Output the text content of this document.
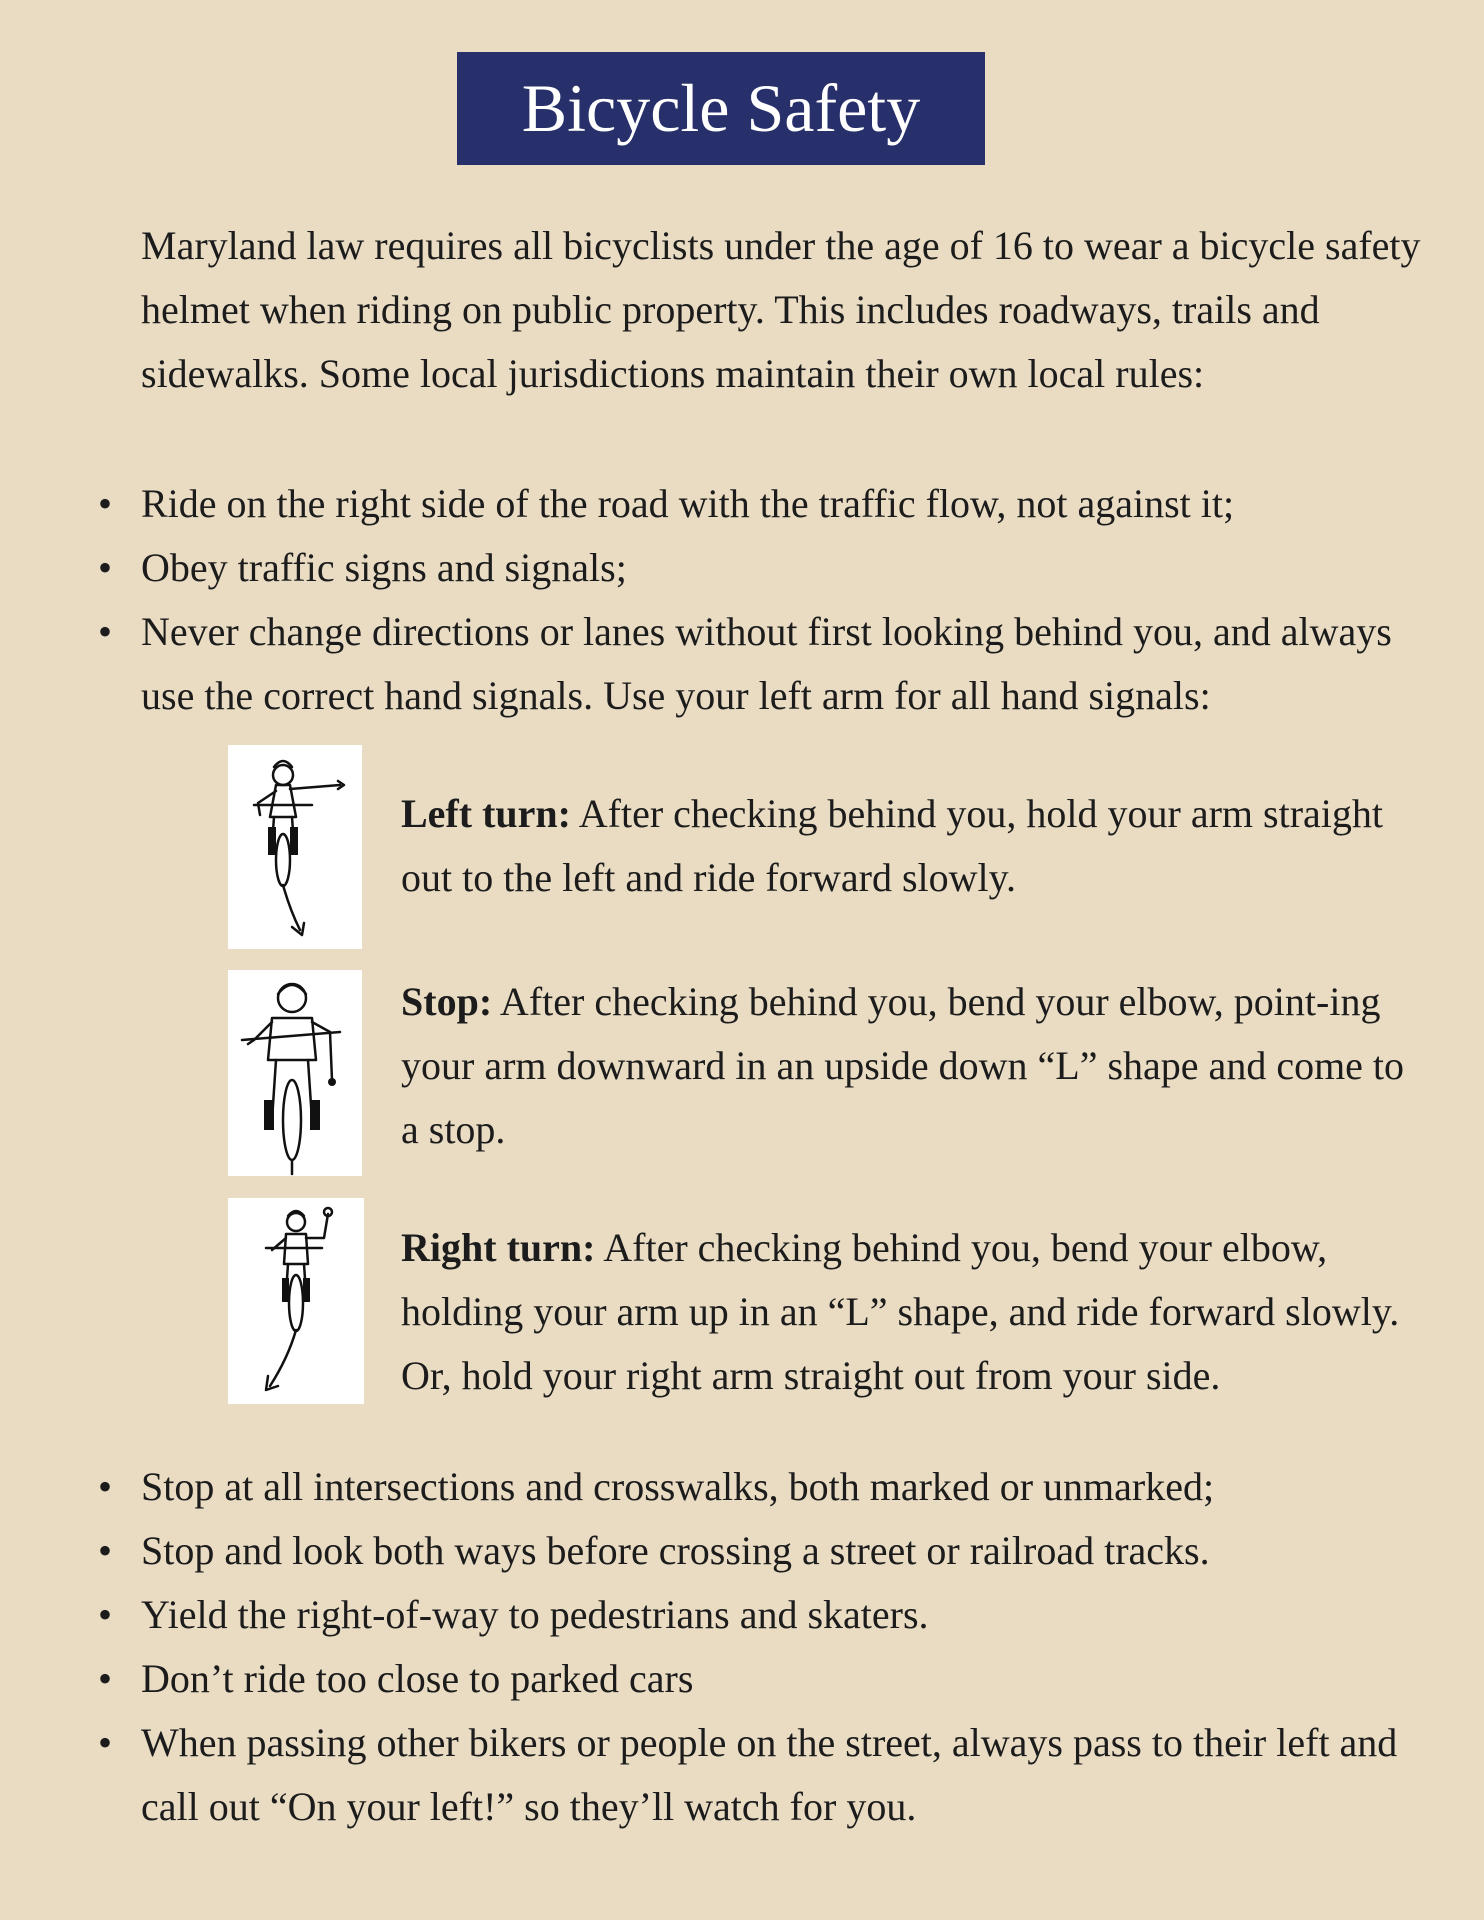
Bicycle Safety
Maryland law requires all bicyclists under the age of 16 to wear a bicycle safety helmet when riding on public property. This includes roadways, trails and sidewalks. Some local jurisdictions maintain their own local rules:
• Ride on the right side of the road with the traffic flow, not against it;
• Obey traffic signs and signals;
• Never change directions or lanes without first looking behind you, and always use the correct hand signals. Use your left arm for all hand signals:
Left turn: After checking behind you, hold your arm straight out to the left and ride forward slowly.
Stop: After checking behind you, bend your elbow, point-ing your arm downward in an upside down “L” shape and come to a stop.
Right turn: After checking behind you, bend your elbow, holding your arm up in an “L” shape, and ride forward slowly. Or, hold your right arm straight out from your side.
• Stop at all intersections and crosswalks, both marked or unmarked;
• Stop and look both ways before crossing a street or railroad tracks.
• Yield the right-of-way to pedestrians and skaters.
• Don’t ride too close to parked cars
• When passing other bikers or people on the street, always pass to their left and call out “On your left!” so they’ll watch for you.
